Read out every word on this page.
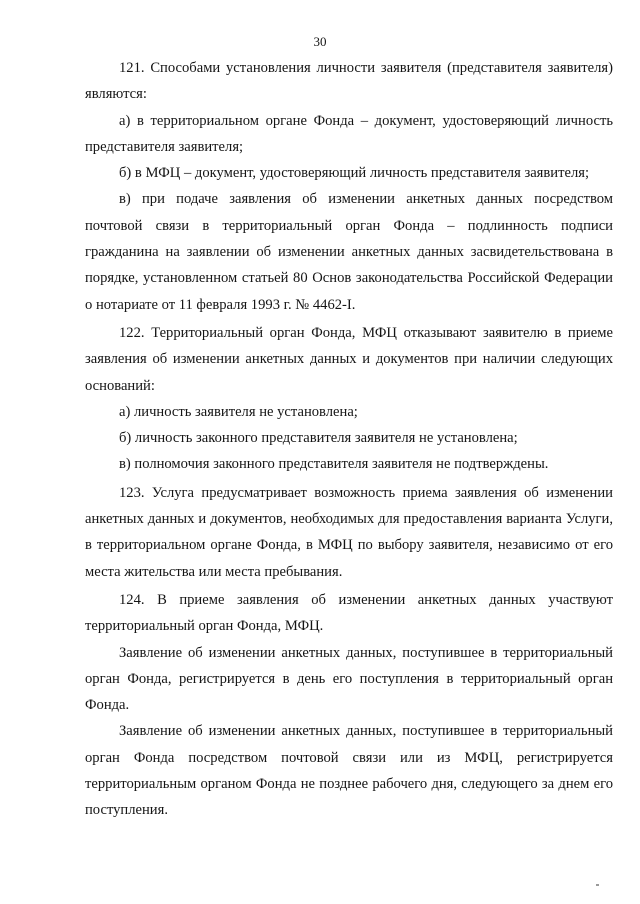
30

121. Способами установления личности заявителя (представителя заявителя) являются:

а) в территориальном органе Фонда – документ, удостоверяющий личность представителя заявителя;

б) в МФЦ – документ, удостоверяющий личность представителя заявителя;

в) при подаче заявления об изменении анкетных данных посредством почтовой связи в территориальный орган Фонда – подлинность подписи гражданина на заявлении об изменении анкетных данных засвидетельствована в порядке, установленном статьей 80 Основ законодательства Российской Федерации о нотариате от 11 февраля 1993 г. № 4462-I.

122. Территориальный орган Фонда, МФЦ отказывают заявителю в приеме заявления об изменении анкетных данных и документов при наличии следующих оснований:

а) личность заявителя не установлена;

б) личность законного представителя заявителя не установлена;

в) полномочия законного представителя заявителя не подтверждены.

123. Услуга предусматривает возможность приема заявления об изменении анкетных данных и документов, необходимых для предоставления варианта Услуги, в территориальном органе Фонда, в МФЦ по выбору заявителя, независимо от его места жительства или места пребывания.

124. В приеме заявления об изменении анкетных данных участвуют территориальный орган Фонда, МФЦ.

Заявление об изменении анкетных данных, поступившее в территориальный орган Фонда, регистрируется в день его поступления в территориальный орган Фонда.

Заявление об изменении анкетных данных, поступившее в территориальный орган Фонда посредством почтовой связи или из МФЦ, регистрируется территориальным органом Фонда не позднее рабочего дня, следующего за днем его поступления.
